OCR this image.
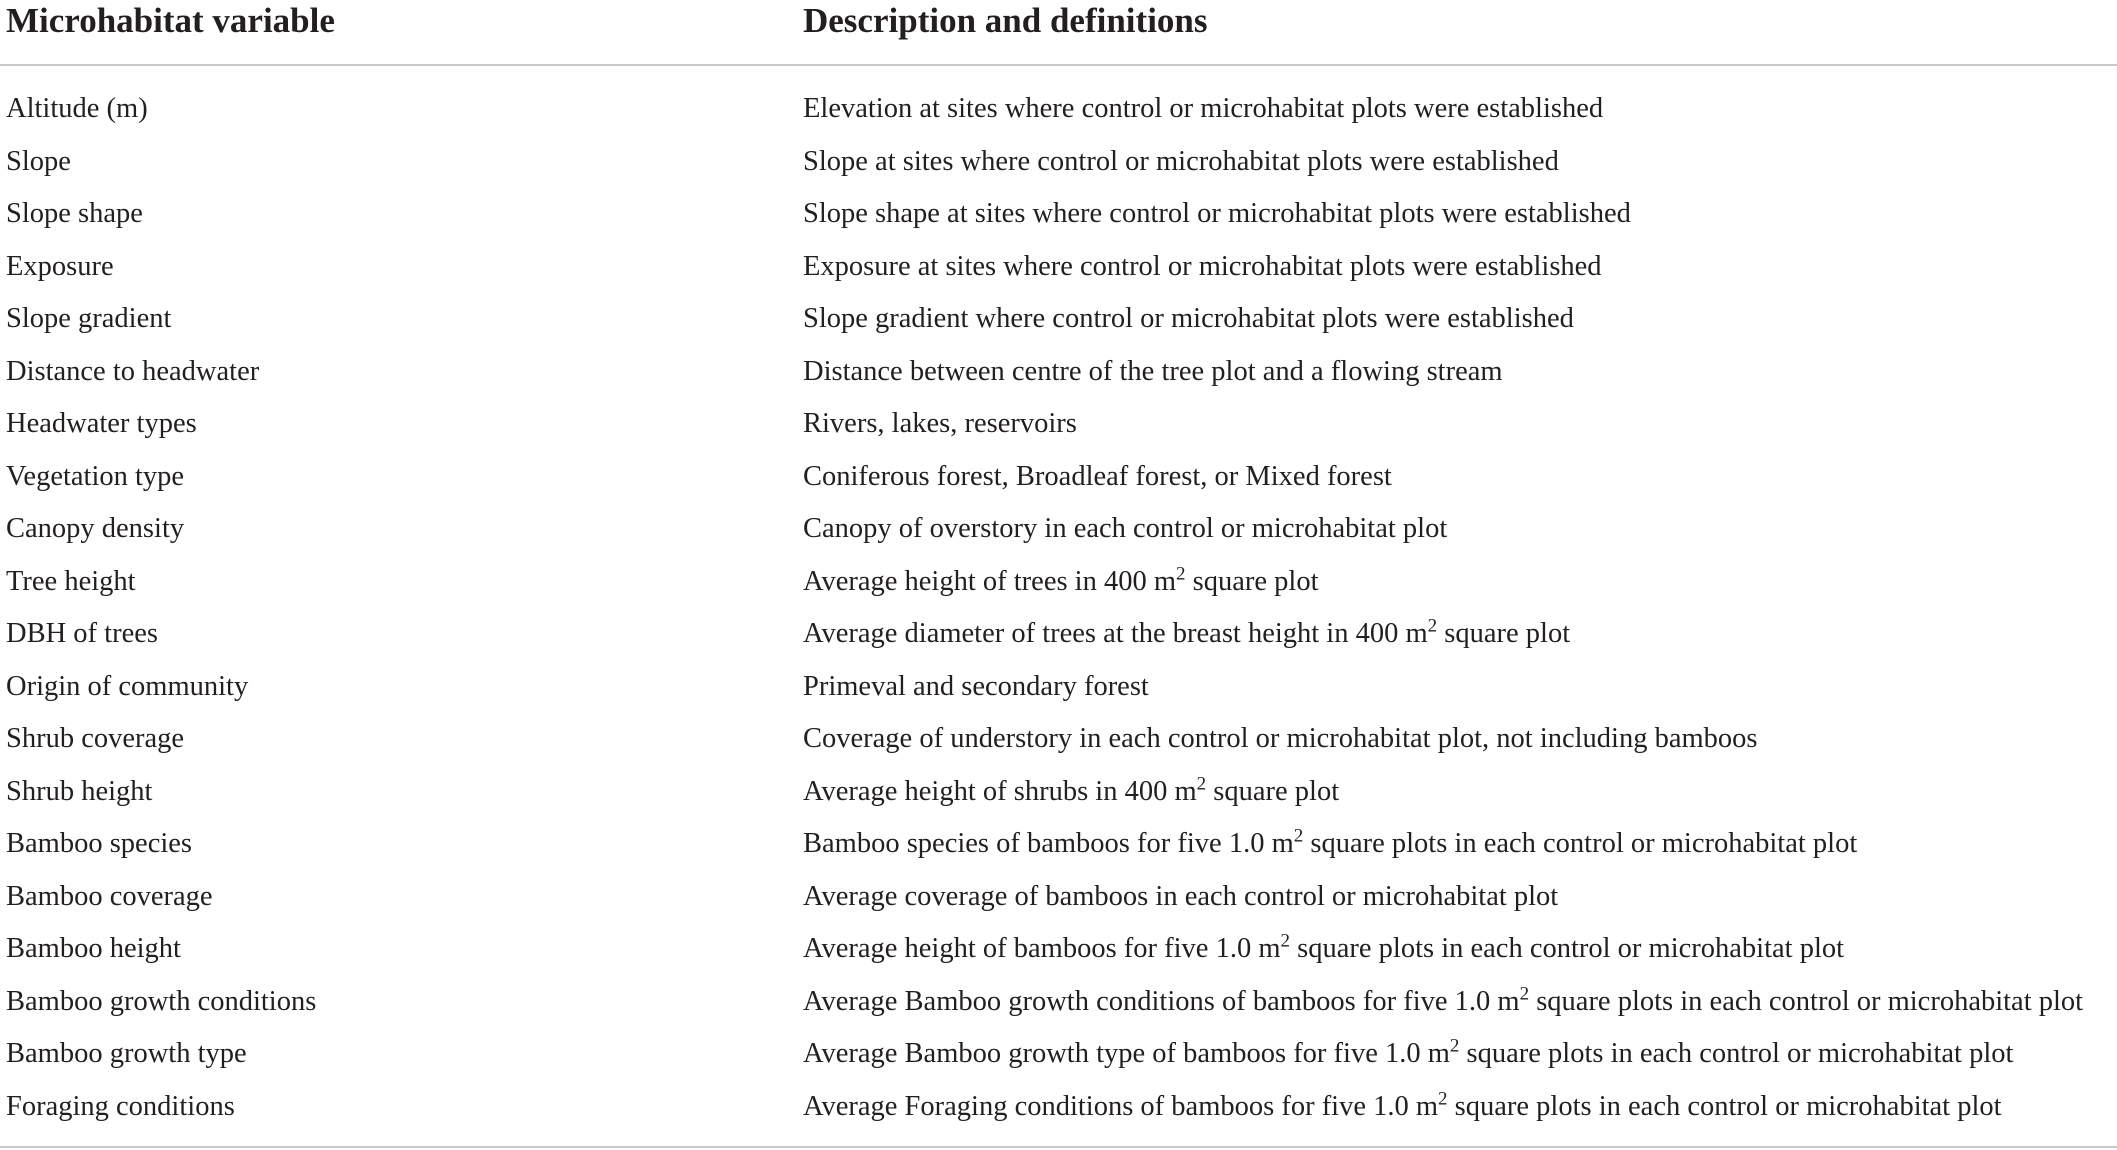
Microhabitat variable	Description and definitions
Altitude (m)	Elevation at sites where control or microhabitat plots were established
Slope	Slope at sites where control or microhabitat plots were established
Slope shape	Slope shape at sites where control or microhabitat plots were established
Exposure	Exposure at sites where control or microhabitat plots were established
Slope gradient	Slope gradient where control or microhabitat plots were established
Distance to headwater	Distance between centre of the tree plot and a flowing stream
Headwater types	Rivers, lakes, reservoirs
Vegetation type	Coniferous forest, Broadleaf forest, or Mixed forest
Canopy density	Canopy of overstory in each control or microhabitat plot
Tree height	Average height of trees in 400 $m^2$ square plot
DBH of trees	Average diameter of trees at the breast height in 400 $m^2$ square plot
Origin of community	Primeval and secondary forest
Shrub coverage	Coverage of understory in each control or microhabitat plot, not including bamboos
Shrub height	Average height of shrubs in 400 $m^2$ square plot
Bamboo species	Bamboo species of bamboos for five 1.0 $m^2$ square plots in each control or microhabitat plot
Bamboo coverage	Average coverage of bamboos in each control or microhabitat plot
Bamboo height	Average height of bamboos for five 1.0 $m^2$ square plots in each control or microhabitat plot
Bamboo growth conditions	Average Bamboo growth conditions of bamboos for five 1.0 $m^2$ square plots in each control or microhabitat plot
Bamboo growth type	Average Bamboo growth type of bamboos for five 1.0 $m^2$ square plots in each control or microhabitat plot
Foraging conditions	Average Foraging conditions of bamboos for five 1.0 $m^2$ square plots in each control or microhabitat plot
